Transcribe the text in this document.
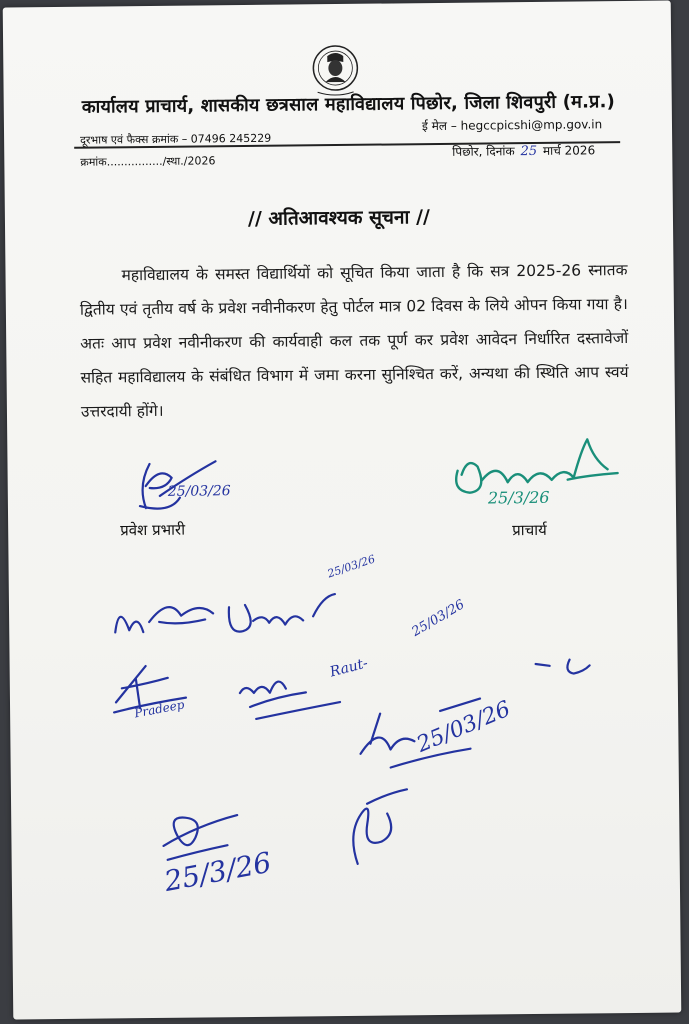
कार्यालय प्राचार्य, शासकीय छत्रसाल महाविद्यालय पिछोर, जिला शिवपुरी (म.प्र.)
दूरभाष एवं फैक्स क्रमांक – 07496 245229
ई मेल – hegccpicshi@mp.gov.in
क्रमांक................/स्था./2026
पिछोर, दिनांक 25 मार्च 2026
// अतिआवश्यक सूचना //
महाविद्यालय के समस्त विद्यार्थियों को सूचित किया जाता है कि सत्र 2025-26 स्नातक द्वितीय एवं तृतीय वर्ष के प्रवेश नवीनीकरण हेतु पोर्टल मात्र 02 दिवस के लिये ओपन किया गया है। अतः आप प्रवेश नवीनीकरण की कार्यवाही कल तक पूर्ण कर प्रवेश आवेदन निर्धारित दस्तावेजों सहित महाविद्यालय के संबंधित विभाग में जमा करना सुनिश्चित करें, अन्यथा की स्थिति आप स्वयं उत्तरदायी होंगे।
25/03/26
प्रवेश प्रभारी
25/3/26
प्राचार्य
25/03/26
Pradeep
Raut-
25/03/26
25/03/26
25/3/26
